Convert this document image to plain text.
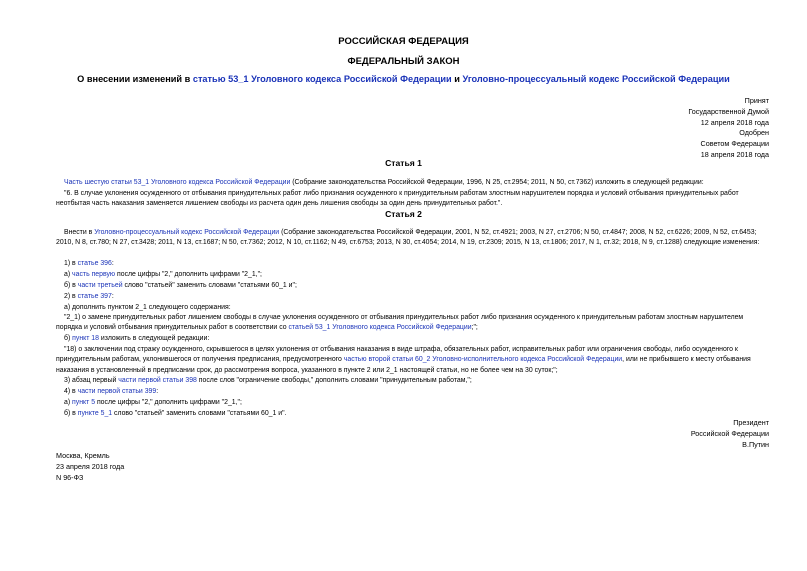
РОССИЙСКАЯ ФЕДЕРАЦИЯ
ФЕДЕРАЛЬНЫЙ ЗАКОН
О внесении изменений в статью 53_1 Уголовного кодекса Российской Федерации и Уголовно-процессуальный кодекс Российской Федерации
Принят
Государственной Думой
12 апреля 2018 года
Одобрен
Советом Федерации
18 апреля 2018 года
Статья 1
Часть шестую статьи 53_1 Уголовного кодекса Российской Федерации (Собрание законодательства Российской Федерации, 1996, N 25, ст.2954; 2011, N 50, ст.7362) изложить в следующей редакции:
"6. В случае уклонения осужденного от отбывания принудительных работ либо признания осужденного к принудительным работам злостным нарушителем порядка и условий отбывания принудительных работ неотбытая часть наказания заменяется лишением свободы из расчета один день лишения свободы за один день принудительных работ.".
Статья 2
Внести в Уголовно-процессуальный кодекс Российской Федерации (Собрание законодательства Российской Федерации, 2001, N 52, ст.4921; 2003, N 27, ст.2706; N 50, ст.4847; 2008, N 52, ст.6226; 2009, N 52, ст.6453; 2010, N 8, ст.780; N 27, ст.3428; 2011, N 13, ст.1687; N 50, ст.7362; 2012, N 10, ст.1162; N 49, ст.6753; 2013, N 30, ст.4054; 2014, N 19, ст.2309; 2015, N 13, ст.1806; 2017, N 1, ст.32; 2018, N 9, ст.1288) следующие изменения:
1) в статье 396:
а) часть первую после цифры "2," дополнить цифрами "2_1,";
б) в части третьей слово "статьей" заменить словами "статьями 60_1 и";
2) в статье 397:
а) дополнить пунктом 2_1 следующего содержания:
"2_1) о замене принудительных работ лишением свободы в случае уклонения осужденного от отбывания принудительных работ либо признания осужденного к принудительным работам злостным нарушителем порядка и условий отбывания принудительных работ в соответствии со статьей 53_1 Уголовного кодекса Российской Федерации;";
б) пункт 18 изложить в следующей редакции:
"18) о заключении под стражу осужденного, скрывшегося в целях уклонения от отбывания наказания в виде штрафа, обязательных работ, исправительных работ или ограничения свободы, либо осужденного к принудительным работам, уклонившегося от получения предписания, предусмотренного частью второй статьи 60_2 Уголовно-исполнительного кодекса Российской Федерации, или не прибывшего к месту отбывания наказания в установленный в предписании срок, до рассмотрения вопроса, указанного в пункте 2 или 2_1 настоящей статьи, но не более чем на 30 суток;";
3) абзац первый части первой статьи 398 после слов "ограничение свободы," дополнить словами "принудительным работам,";
4) в части первой статьи 399:
а) пункт 5 после цифры "2," дополнить цифрами "2_1,";
б) в пункте 5_1 слово "статьей" заменить словами "статьями 60_1 и".
Президент
Российской Федерации
В.Путин
Москва, Кремль
23 апреля 2018 года
N 96-ФЗ
